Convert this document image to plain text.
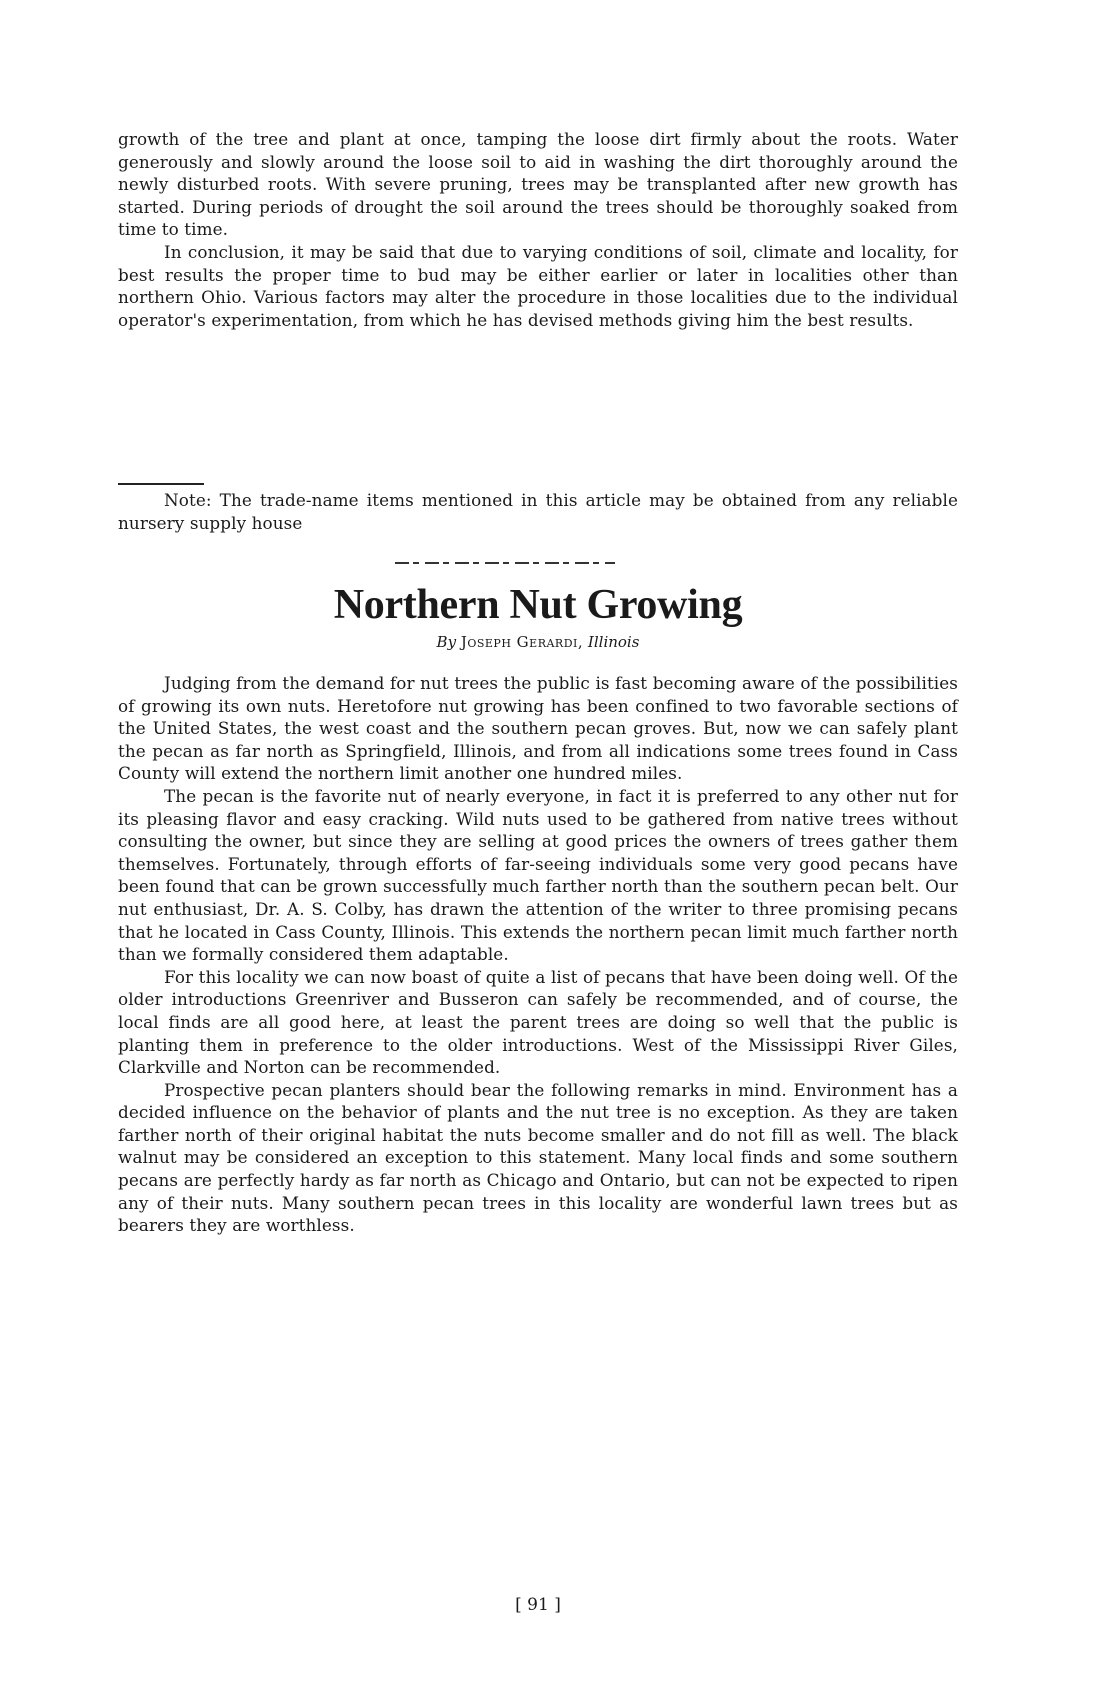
growth of the tree and plant at once, tamping the loose dirt firmly about the roots. Water generously and slowly around the loose soil to aid in washing the dirt thoroughly around the newly disturbed roots. With severe pruning, trees may be transplanted after new growth has started. During periods of drought the soil around the trees should be thoroughly soaked from time to time.

In conclusion, it may be said that due to varying conditions of soil, climate and locality, for best results the proper time to bud may be either earlier or later in localities other than northern Ohio. Various factors may alter the procedure in those localities due to the individual operator's experimentation, from which he has devised methods giving him the best results.

Note: The trade-name items mentioned in this article may be obtained from any reliable nursery supply house

Northern Nut Growing
By Joseph Gerardi, Illinois

Judging from the demand for nut trees the public is fast becoming aware of the possibilities of growing its own nuts. Heretofore nut growing has been confined to two favorable sections of the United States, the west coast and the southern pecan groves. But, now we can safely plant the pecan as far north as Springfield, Illinois, and from all indications some trees found in Cass County will extend the northern limit another one hundred miles.

The pecan is the favorite nut of nearly everyone, in fact it is preferred to any other nut for its pleasing flavor and easy cracking. Wild nuts used to be gathered from native trees without consulting the owner, but since they are selling at good prices the owners of trees gather them themselves. Fortunately, through efforts of far-seeing individuals some very good pecans have been found that can be grown successfully much farther north than the southern pecan belt. Our nut enthusiast, Dr. A. S. Colby, has drawn the attention of the writer to three promising pecans that he located in Cass County, Illinois. This extends the northern pecan limit much farther north than we formally considered them adaptable.

For this locality we can now boast of quite a list of pecans that have been doing well. Of the older introductions Greenriver and Busseron can safely be recommended, and of course, the local finds are all good here, at least the parent trees are doing so well that the public is planting them in preference to the older introductions. West of the Mississippi River Giles, Clarkville and Norton can be recommended.

Prospective pecan planters should bear the following remarks in mind. Environment has a decided influence on the behavior of plants and the nut tree is no exception. As they are taken farther north of their original habitat the nuts become smaller and do not fill as well. The black walnut may be considered an exception to this statement. Many local finds and some southern pecans are perfectly hardy as far north as Chicago and Ontario, but can not be expected to ripen any of their nuts. Many southern pecan trees in this locality are wonderful lawn trees but as bearers they are worthless.

[ 91 ]
